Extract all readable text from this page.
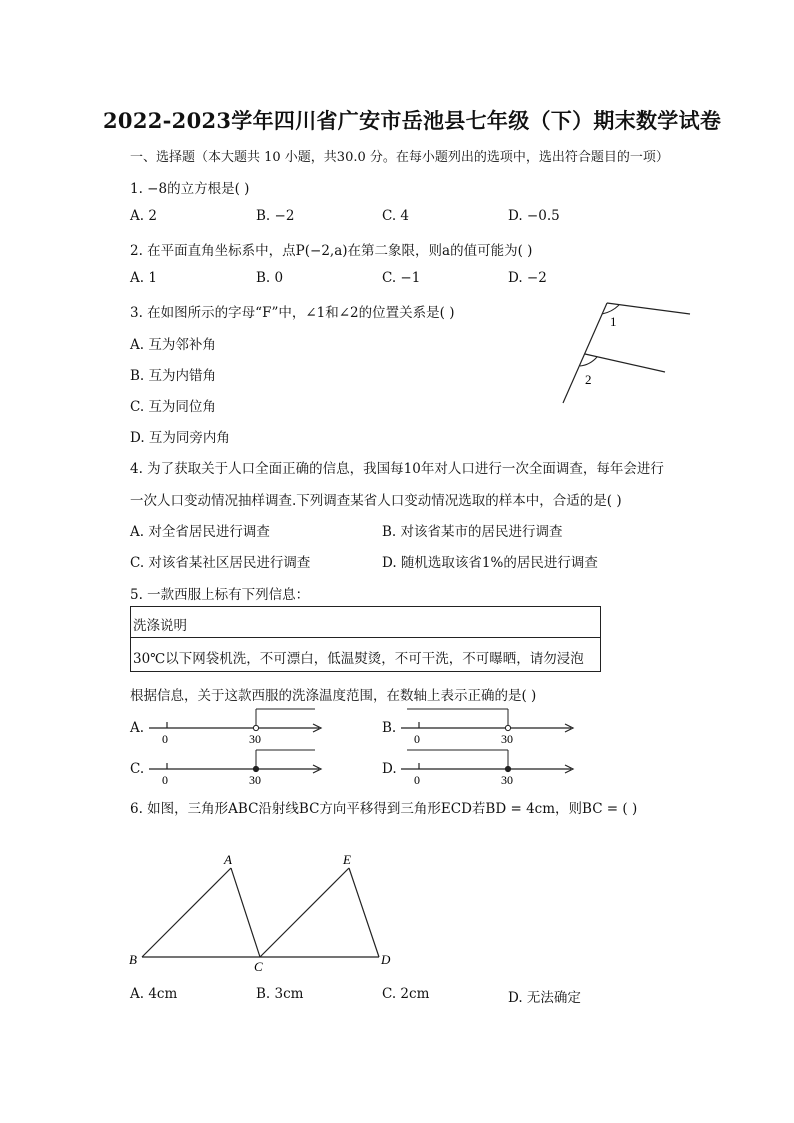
2022-2023学年四川省广安市岳池县七年级（下）期末数学试卷
一、选择题（本大题共 10 小题，共30.0 分。在每小题列出的选项中，选出符合题目的一项）
1. −8的立方根是( )
A. 2	B. −2	C. 4	D. −0.5
2. 在平面直角坐标系中，点P(−2,a)在第二象限，则a的值可能为( )
A. 1	B. 0	C. −1	D. −2
3. 在如图所示的字母“F”中，∠1和∠2的位置关系是( )
A. 互为邻补角
B. 互为内错角
C. 互为同位角
D. 互为同旁内角
1
2
4. 为了获取关于人口全面正确的信息，我国每10年对人口进行一次全面调查，每年会进行
一次人口变动情况抽样调查.下列调查某省人口变动情况选取的样本中，合适的是( )
A. 对全省居民进行调查	B. 对该省某市的居民进行调查
C. 对该省某社区居民进行调查	D. 随机选取该省1%的居民进行调查
5. 一款西服上标有下列信息：
洗涤说明
30℃以下网袋机洗，不可漂白，低温熨烫，不可干洗，不可曝晒，请勿浸泡
根据信息，关于这款西服的洗涤温度范围，在数轴上表示正确的是( )
A.
0	30
B.
0	30
C.
0	30
D.
0	30
6. 如图，三角形ABC沿射线BC方向平移得到三角形ECD若BD = 4cm，则BC = ( )
A
B	C	D
E
A. 4cm	B. 3cm	C. 2cm	D. 无法确定
